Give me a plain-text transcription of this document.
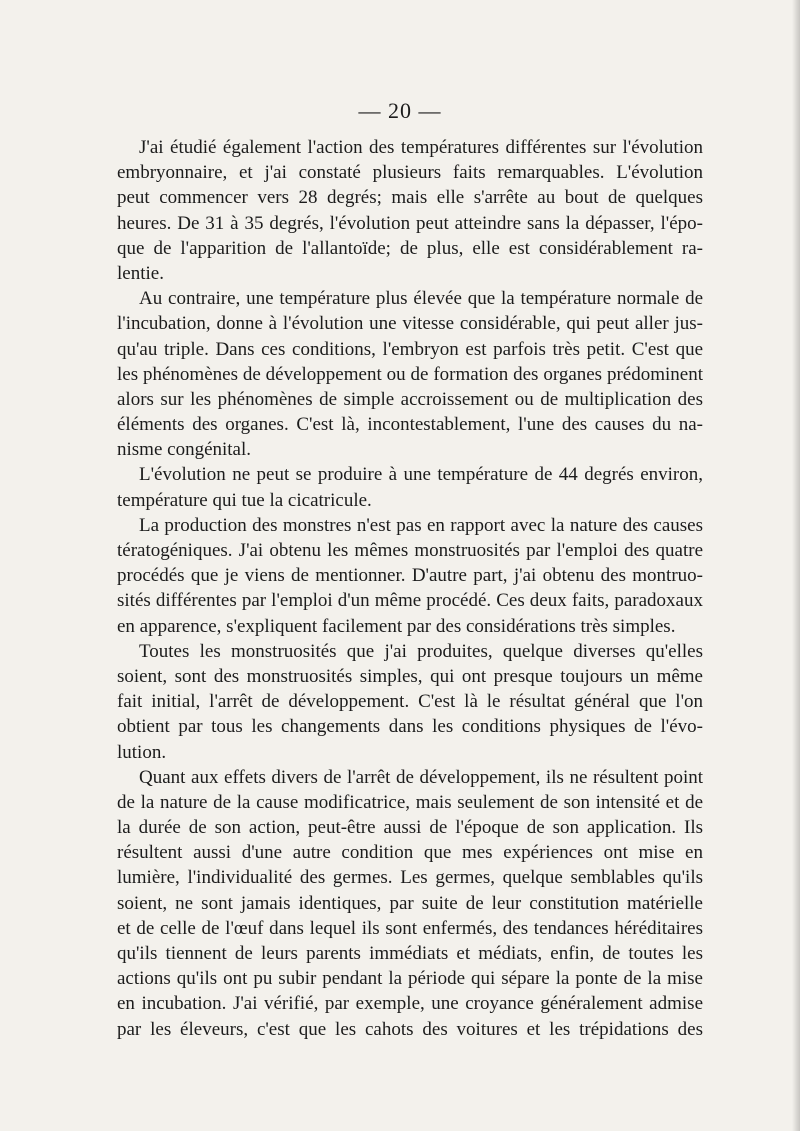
— 20 —
J'ai étudié également l'action des températures différentes sur l'évolution
embryonnaire, et j'ai constaté plusieurs faits remarquables. L'évolution
peut commencer vers 28 degrés; mais elle s'arrête au bout de quelques
heures. De 31 à 35 degrés, l'évolution peut atteindre sans la dépasser, l'épo-
que de l'apparition de l'allantoïde; de plus, elle est considérablement ra-
lentie.
Au contraire, une température plus élevée que la température normale de
l'incubation, donne à l'évolution une vitesse considérable, qui peut aller jus-
qu'au triple. Dans ces conditions, l'embryon est parfois très petit. C'est que
les phénomènes de développement ou de formation des organes prédominent
alors sur les phénomènes de simple accroissement ou de multiplication des
éléments des organes. C'est là, incontestablement, l'une des causes du na-
nisme congénital.
L'évolution ne peut se produire à une température de 44 degrés environ,
température qui tue la cicatricule.
La production des monstres n'est pas en rapport avec la nature des causes
tératogéniques. J'ai obtenu les mêmes monstruosités par l'emploi des quatre
procédés que je viens de mentionner. D'autre part, j'ai obtenu des montruo-
sités différentes par l'emploi d'un même procédé. Ces deux faits, paradoxaux
en apparence, s'expliquent facilement par des considérations très simples.
Toutes les monstruosités que j'ai produites, quelque diverses qu'elles
soient, sont des monstruosités simples, qui ont presque toujours un même
fait initial, l'arrêt de développement. C'est là le résultat général que l'on
obtient par tous les changements dans les conditions physiques de l'évo-
lution.
Quant aux effets divers de l'arrêt de développement, ils ne résultent point
de la nature de la cause modificatrice, mais seulement de son intensité et de
la durée de son action, peut-être aussi de l'époque de son application. Ils
résultent aussi d'une autre condition que mes expériences ont mise en
lumière, l'individualité des germes. Les germes, quelque semblables qu'ils
soient, ne sont jamais identiques, par suite de leur constitution matérielle
et de celle de l'œuf dans lequel ils sont enfermés, des tendances héréditaires
qu'ils tiennent de leurs parents immédiats et médiats, enfin, de toutes les
actions qu'ils ont pu subir pendant la période qui sépare la ponte de la mise
en incubation. J'ai vérifié, par exemple, une croyance généralement admise
par les éleveurs, c'est que les cahots des voitures et les trépidations des
